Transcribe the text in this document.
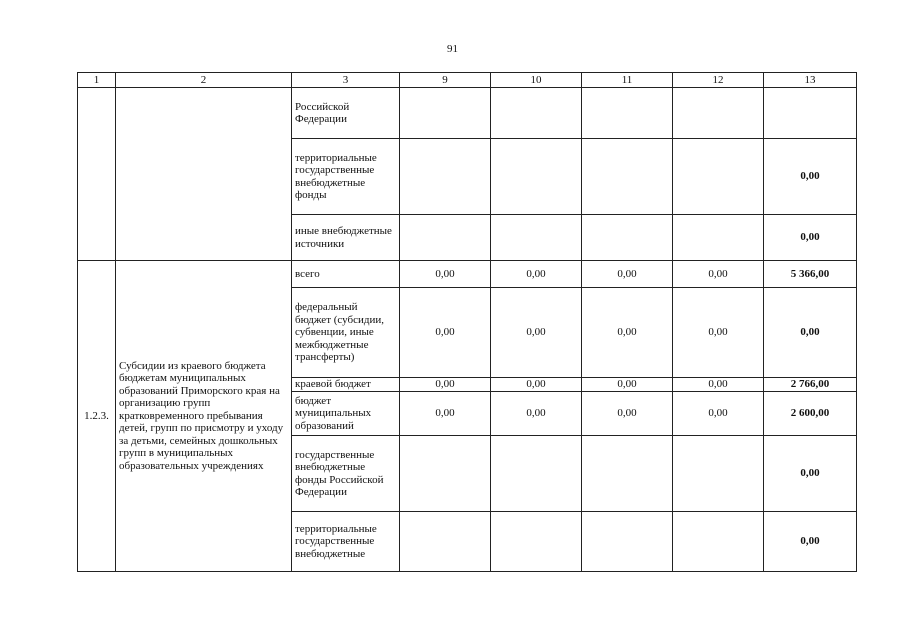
91
1	2	3	9	10	11	12	13
		Российской Федерации					
		территориальные государственные внебюджетные фонды					0,00
		иные внебюджетные источники					0,00
1.2.3.	Субсидии из краевого бюджета бюджетам муниципальных образований Приморского края на организацию групп кратковременного пребывания детей, групп по присмотру и уходу за детьми, семейных дошкольных групп в муниципальных образовательных учреждениях	всего	0,00	0,00	0,00	0,00	5 366,00
		федеральный бюджет (субсидии, субвенции, иные межбюджетные трансферты)	0,00	0,00	0,00	0,00	0,00
		краевой бюджет	0,00	0,00	0,00	0,00	2 766,00
		бюджет муниципальных образований	0,00	0,00	0,00	0,00	2 600,00
		государственные внебюджетные фонды Российской Федерации					0,00
		территориальные государственные внебюджетные					0,00
